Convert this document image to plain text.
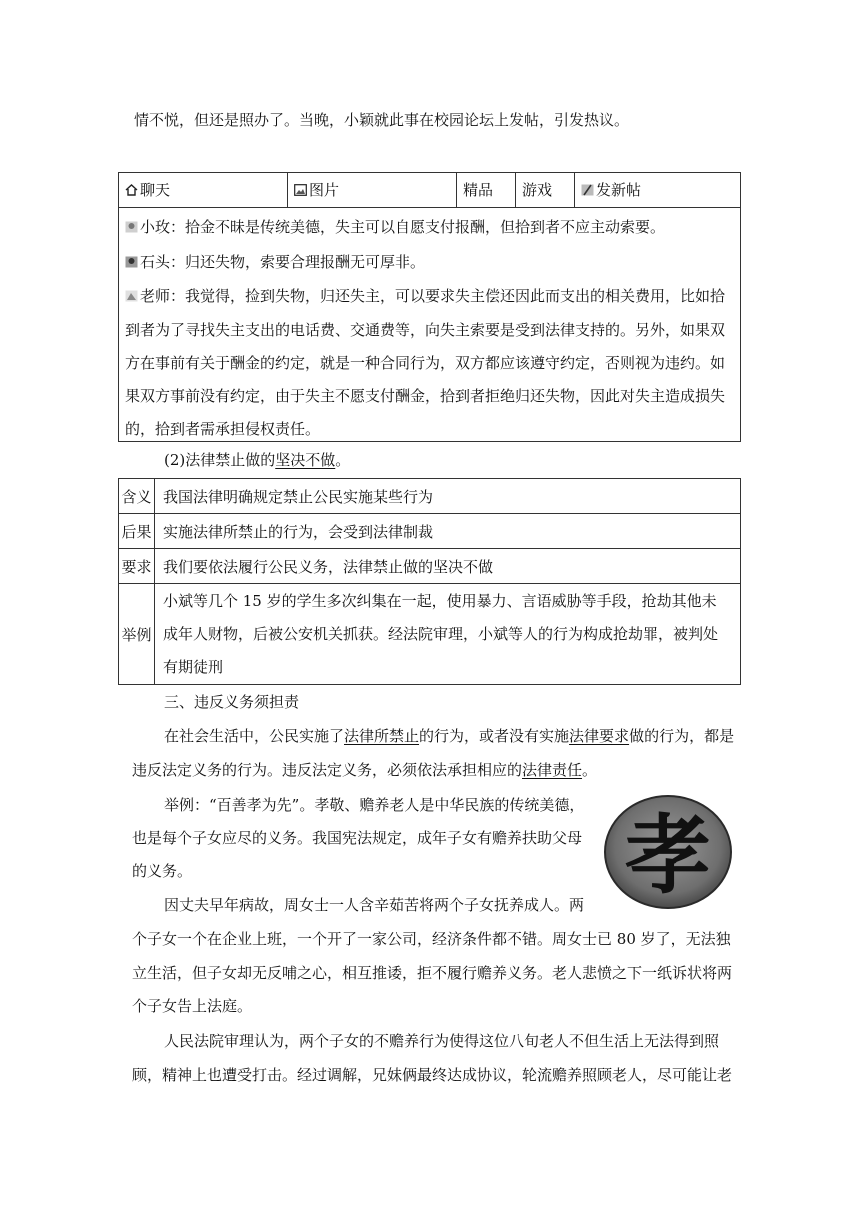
情不悦，但还是照办了。当晚，小颖就此事在校园论坛上发帖，引发热议。
聊天	图片	精品	游戏	发新帖
小玫：拾金不昧是传统美德，失主可以自愿支付报酬，但拾到者不应主动索要。
石头：归还失物，索要合理报酬无可厚非。
老师：我觉得，捡到失物，归还失主，可以要求失主偿还因此而支出的相关费用，比如拾
到者为了寻找失主支出的电话费、交通费等，向失主索要是受到法律支持的。另外，如果双
方在事前有关于酬金的约定，就是一种合同行为，双方都应该遵守约定，否则视为违约。如
果双方事前没有约定，由于失主不愿支付酬金，拾到者拒绝归还失物，因此对失主造成损失
的，拾到者需承担侵权责任。
(2)法律禁止做的坚决不做。
含义	我国法律明确规定禁止公民实施某些行为
后果	实施法律所禁止的行为，会受到法律制裁
要求	我们要依法履行公民义务，法律禁止做的坚决不做
举例	小斌等几个 15 岁的学生多次纠集在一起，使用暴力、言语威胁等手段，抢劫其他未
成年人财物，后被公安机关抓获。经法院审理，小斌等人的行为构成抢劫罪，被判处
有期徒刑
三、违反义务须担责
在社会生活中，公民实施了法律所禁止的行为，或者没有实施法律要求做的行为，都是
违反法定义务的行为。违反法定义务，必须依法承担相应的法律责任。
举例：“百善孝为先”。孝敬、赡养老人是中华民族的传统美德，
也是每个子女应尽的义务。我国宪法规定，成年子女有赡养扶助父母
的义务。	孝
因丈夫早年病故，周女士一人含辛茹苦将两个子女抚养成人。两
个子女一个在企业上班，一个开了一家公司，经济条件都不错。周女士已 80 岁了，无法独
立生活，但子女却无反哺之心，相互推诿，拒不履行赡养义务。老人悲愤之下一纸诉状将两
个子女告上法庭。
人民法院审理认为，两个子女的不赡养行为使得这位八旬老人不但生活上无法得到照
顾，精神上也遭受打击。经过调解，兄妹俩最终达成协议，轮流赡养照顾老人，尽可能让老
